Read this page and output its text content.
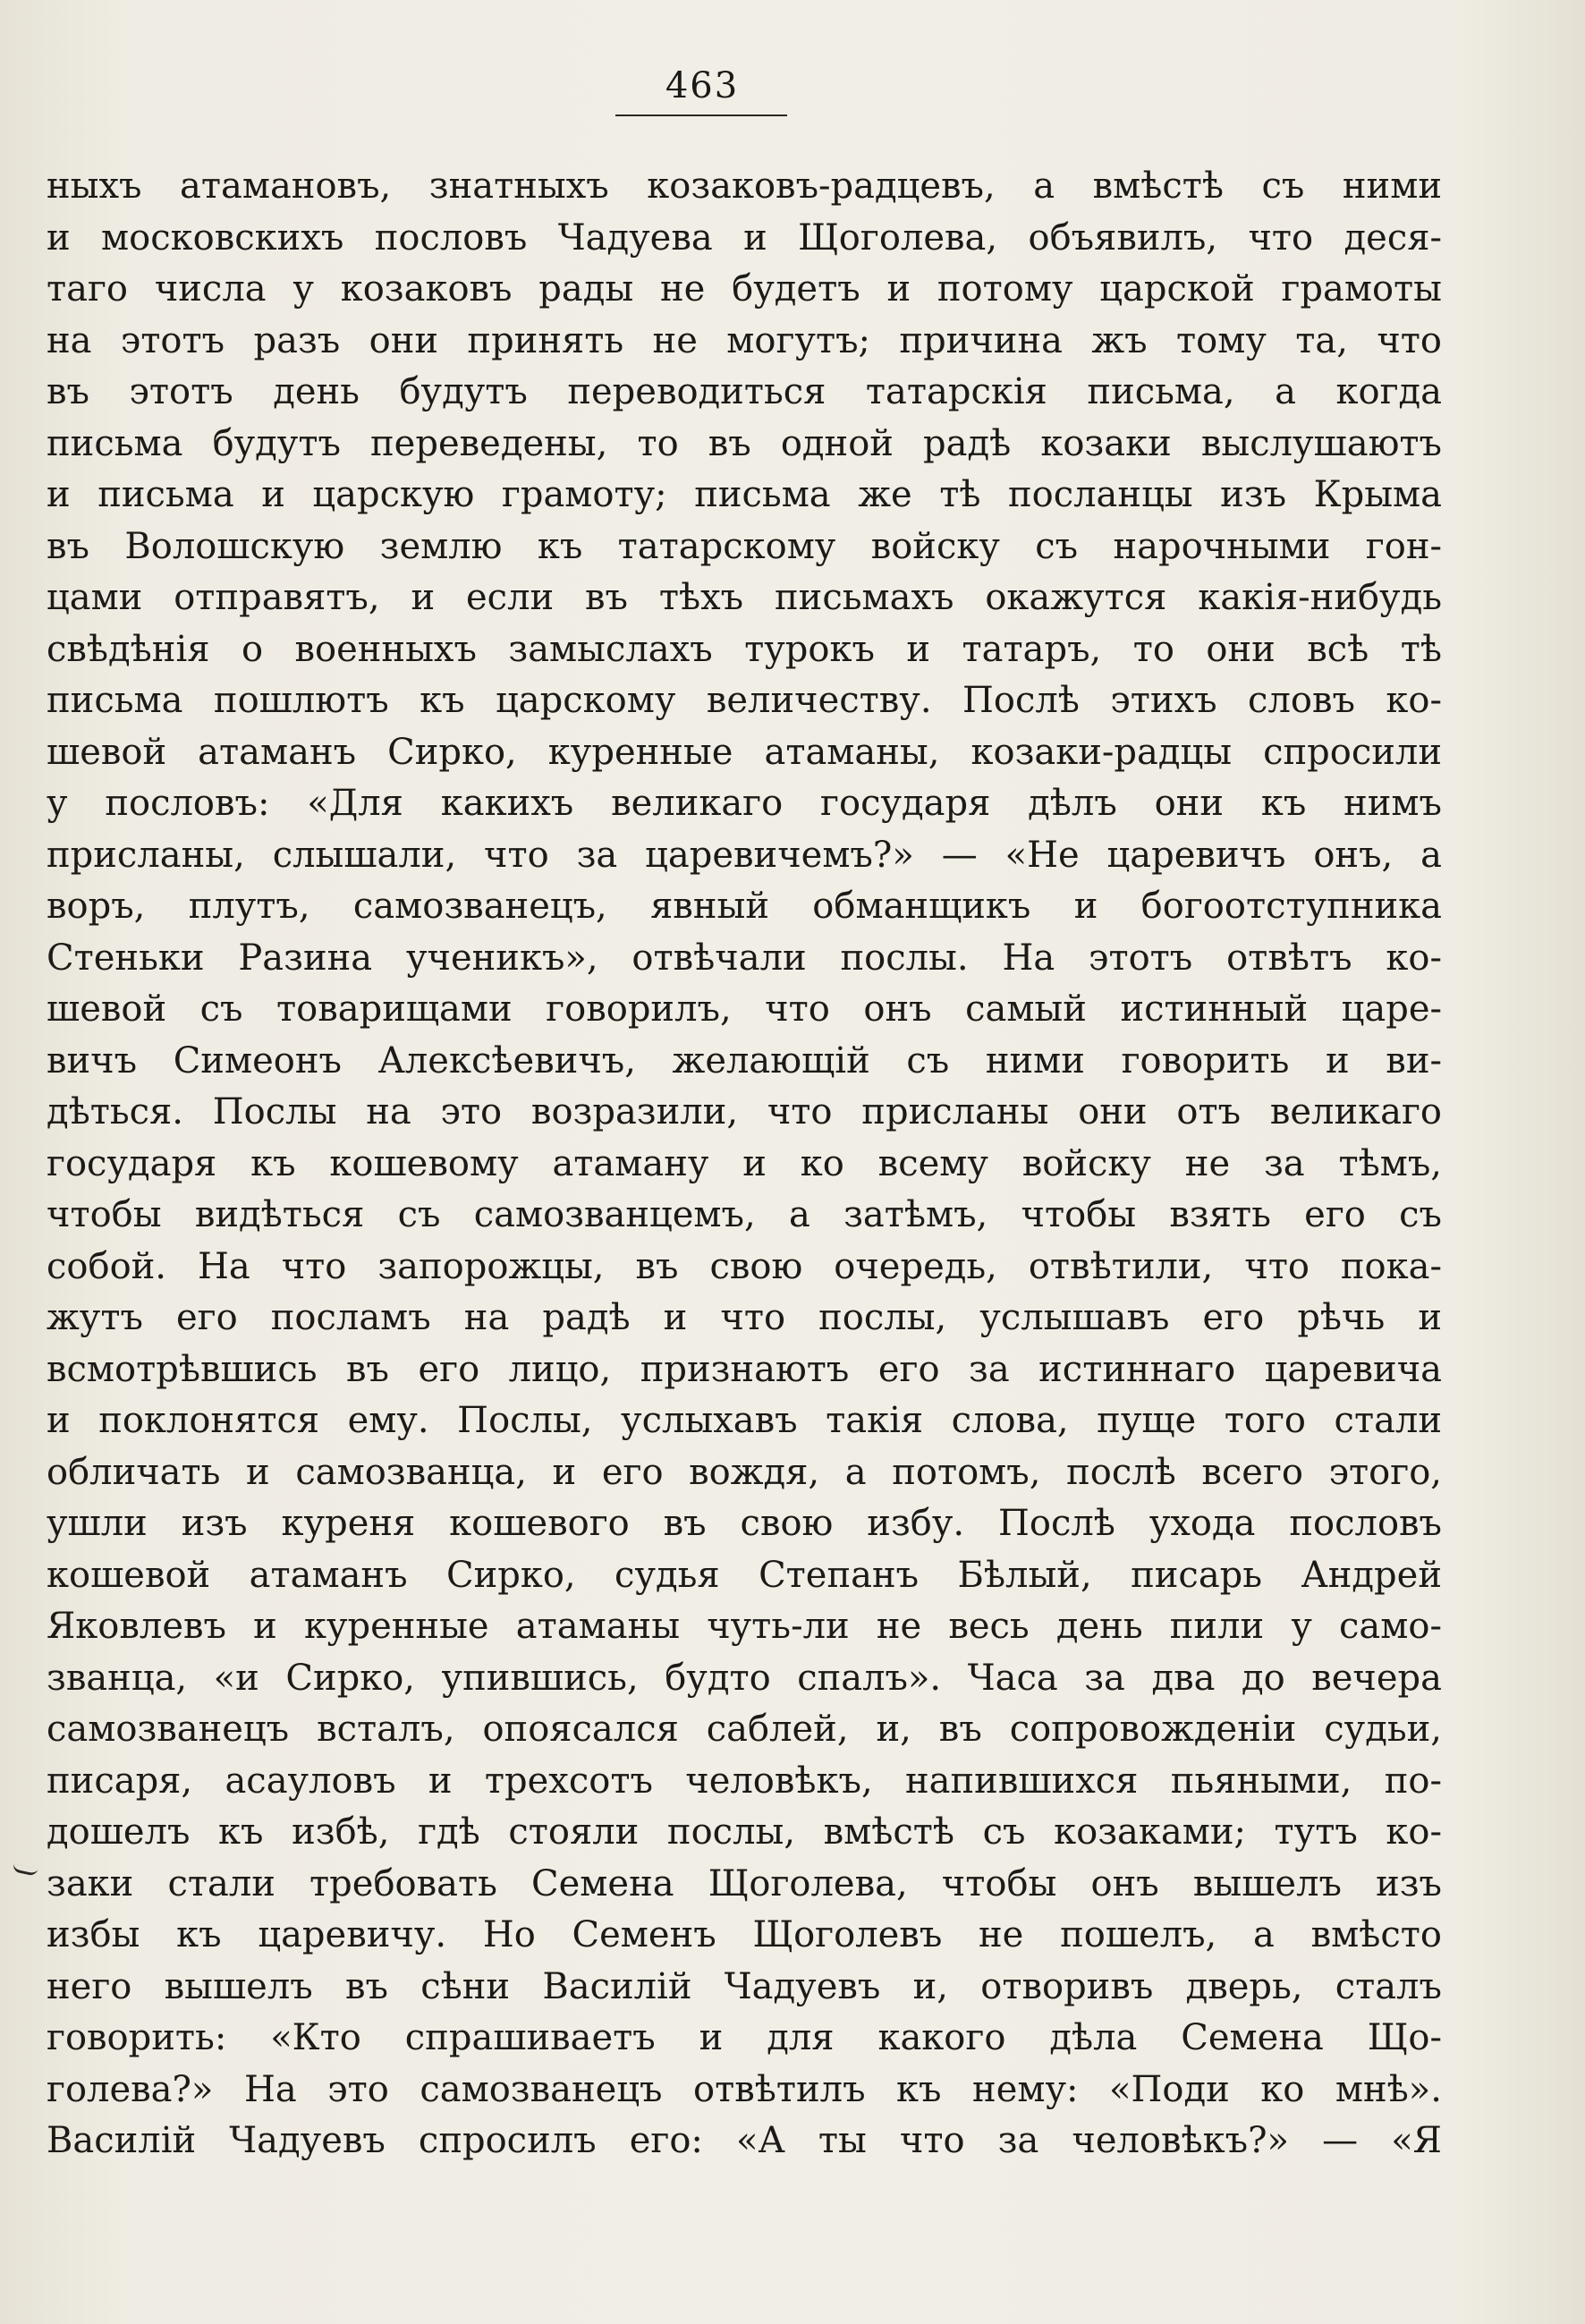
463
ныхъ атамановъ, знатныхъ козаковъ-радцевъ, а вмѣстѣ съ ними
и московскихъ пословъ Чадуева и Щоголева, объявилъ, что деся-
таго числа у козаковъ рады не будетъ и потому царской грамоты
на этотъ разъ они принять не могутъ; причина жъ тому та, что
въ этотъ день будутъ переводиться татарскія письма, а когда
письма будутъ переведены, то въ одной радѣ козаки выслушаютъ
и письма и царскую грамоту; письма же тѣ посланцы изъ Крыма
въ Волошскую землю къ татарскому войску съ нарочными гон-
цами отправятъ, и если въ тѣхъ письмахъ окажутся какія-нибудь
свѣдѣнія о военныхъ замыслахъ турокъ и татаръ, то они всѣ тѣ
письма пошлютъ къ царскому величеству. Послѣ этихъ словъ ко-
шевой атаманъ Сирко, куренные атаманы, козаки-радцы спросили
у пословъ: «Для какихъ великаго государя дѣлъ они къ нимъ
присланы, слышали, что за царевичемъ?» — «Не царевичъ онъ, а
воръ, плутъ, самозванецъ, явный обманщикъ и богоотступника
Стеньки Разина ученикъ», отвѣчали послы. На этотъ отвѣтъ ко-
шевой съ товарищами говорилъ, что онъ самый истинный царе-
вичъ Симеонъ Алексѣевичъ, желающій съ ними говорить и ви-
дѣться. Послы на это возразили, что присланы они отъ великаго
государя къ кошевому атаману и ко всему войску не за тѣмъ,
чтобы видѣться съ самозванцемъ, а затѣмъ, чтобы взять его съ
собой. На что запорожцы, въ свою очередь, отвѣтили, что пока-
жутъ его посламъ на радѣ и что послы, услышавъ его рѣчь и
всмотрѣвшись въ его лицо, признаютъ его за истиннаго царевича
и поклонятся ему. Послы, услыхавъ такія слова, пуще того стали
обличать и самозванца, и его вождя, а потомъ, послѣ всего этого,
ушли изъ куреня кошевого въ свою избу. Послѣ ухода пословъ
кошевой атаманъ Сирко, судья Степанъ Бѣлый, писарь Андрей
Яковлевъ и куренные атаманы чуть-ли не весь день пили у само-
званца, «и Сирко, упившись, будто спалъ». Часа за два до вечера
самозванецъ всталъ, опоясался саблей, и, въ сопровожденіи судьи,
писаря, асауловъ и трехсотъ человѣкъ, напившихся пьяными, по-
дошелъ къ избѣ, гдѣ стояли послы, вмѣстѣ съ козаками; тутъ ко-
заки стали требовать Семена Щоголева, чтобы онъ вышелъ изъ
избы къ царевичу. Но Семенъ Щоголевъ не пошелъ, а вмѣсто
него вышелъ въ сѣни Василій Чадуевъ и, отворивъ дверь, сталъ
говорить: «Кто спрашиваетъ и для какого дѣла Семена Що-
голева?» На это самозванецъ отвѣтилъ къ нему: «Поди ко мнѣ».
Василій Чадуевъ спросилъ его: «А ты что за человѣкъ?» — «Я
